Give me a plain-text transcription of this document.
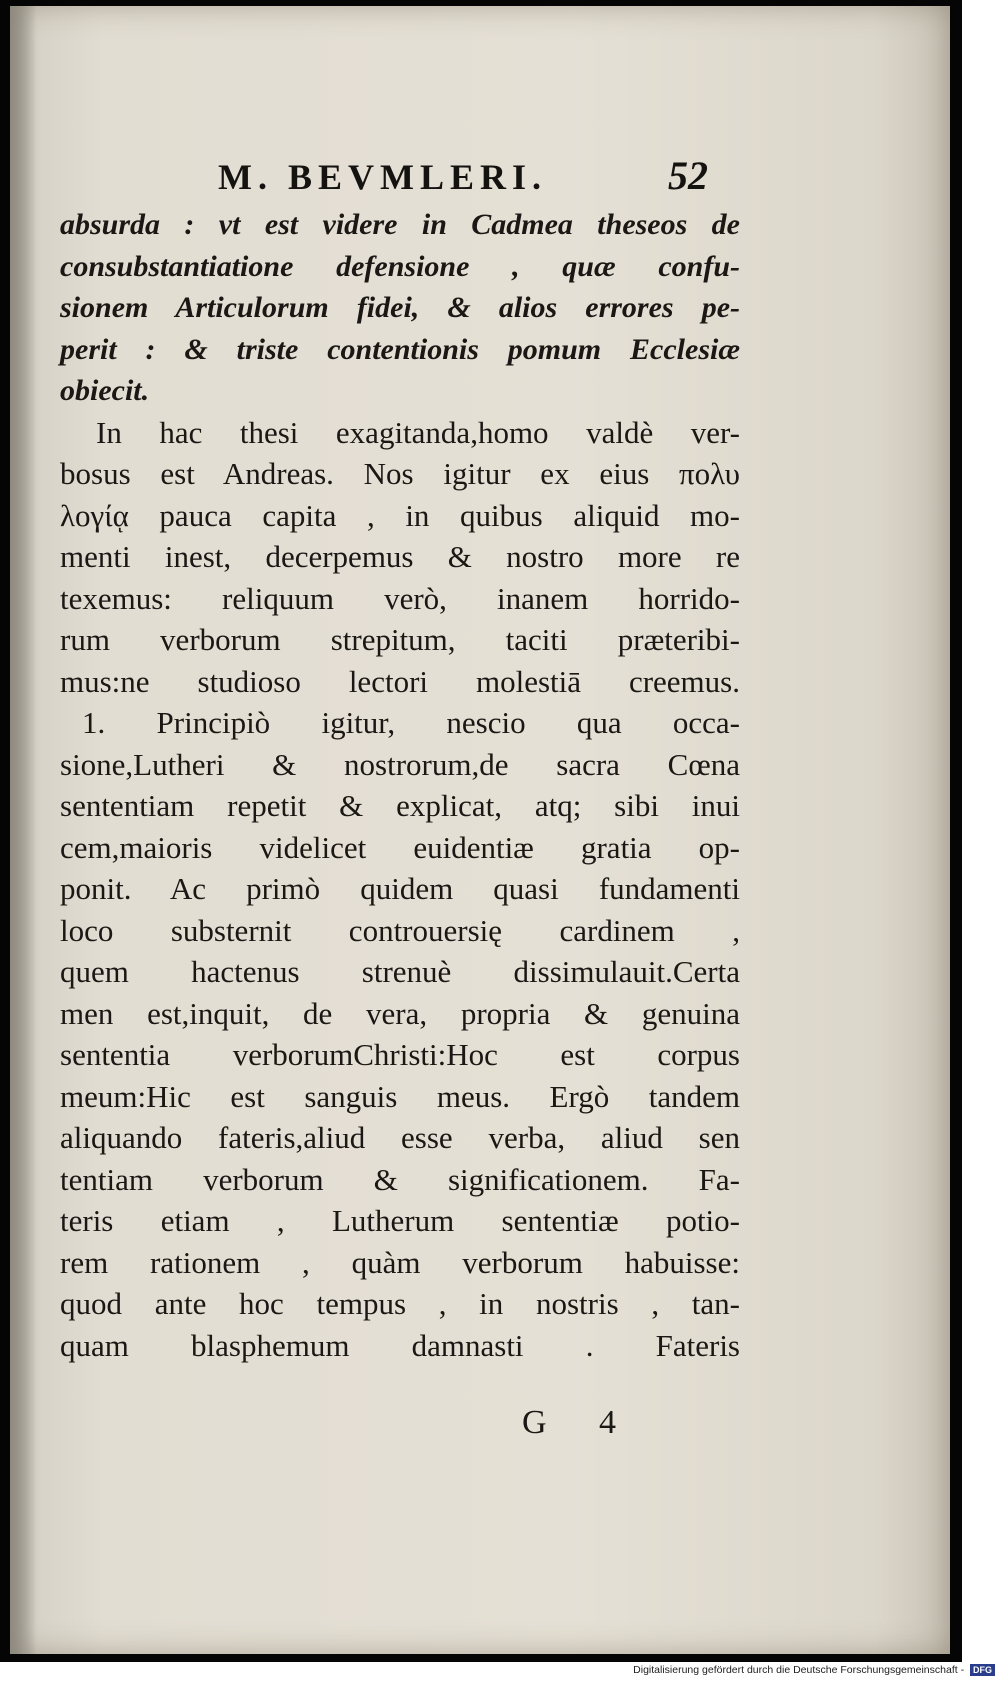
M. BEVMLERI.	52
absurda : vt est videre in Cadmea theseos de
consubstantiatione defensione , quæ confu-
sionem Articulorum fidei, & alios errores pe-
perit : & triste contentionis pomum Ecclesiæ
obiecit.
In hac thesi exagitanda,homo valdè ver-
bosus est Andreas. Nos igitur ex eius πολυ
λογίᾳ pauca capita , in quibus aliquid mo-
menti inest, decerpemus & nostro more re
texemus: reliquum verò, inanem horrido-
rum verborum strepitum, taciti præteribi-
mus:ne studioso lectori molestiā creemus.
1. Principiò igitur, nescio qua occa-
sione,Lutheri & nostrorum,de sacra Cœna
sententiam repetit & explicat, atq; sibi inui
cem,maioris videlicet euidentiæ gratia op-
ponit. Ac primò quidem quasi fundamenti
loco substernit controuersię cardinem ,
quem hactenus strenuè dissimulauit.Certa
men est,inquit, de vera, propria & genuina
sententia verborumChristi:Hoc est corpus
meum:Hic est sanguis meus. Ergò tandem
aliquando fateris,aliud esse verba, aliud sen
tentiam verborum & significationem. Fa-
teris etiam , Lutherum sententiæ potio-
rem rationem , quàm verborum habuisse:
quod ante hoc tempus , in nostris , tan-
quam blasphemum damnasti . Fateris
G 4
Digitalisierung gefördert durch die Deutsche Forschungsgemeinschaft - DFG
